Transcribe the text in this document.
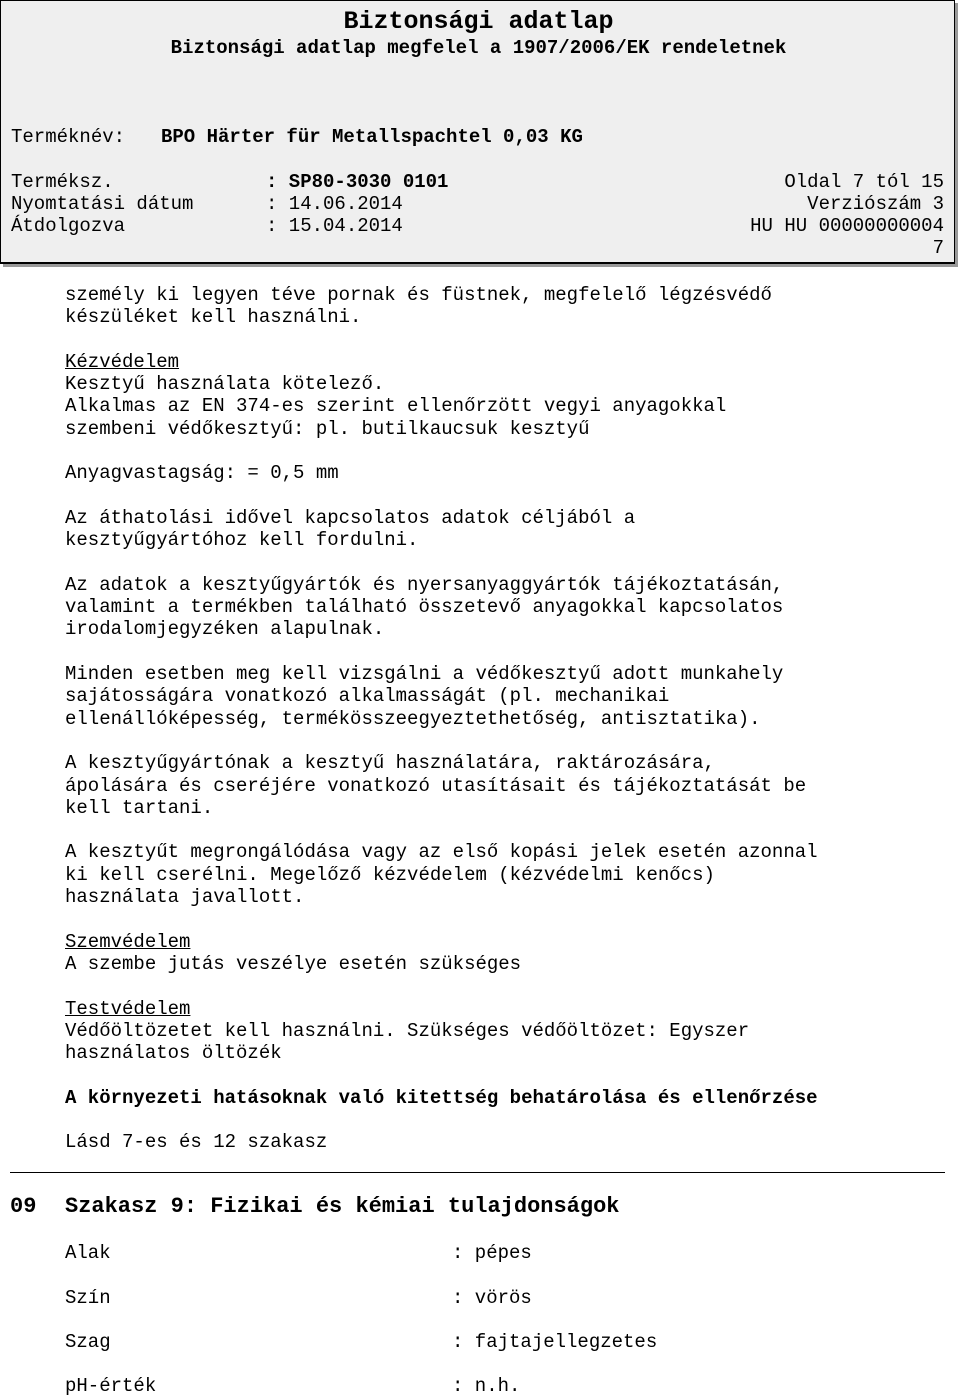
Biztonsági adatlap
Biztonsági adatlap megfelel a 1907/2006/EK rendeletnek
Terméknév: BPO Härter für Metallspachtel 0,03 KG
Terméksz.	: SP80-3030 0101	Oldal 7 tól 15
Nyomtatási dátum	: 14.06.2014	Verziószám 3
Átdolgozva	: 15.04.2014	HU HU 00000000004
7

személy ki legyen téve pornak és füstnek, megfelelő légzésvédő
készüléket kell használni.

Kézvédelem

Kesztyű használata kötelező.
Alkalmas az EN 374-es szerint ellenőrzött vegyi anyagokkal
szembeni védőkesztyű: pl. butilkaucsuk kesztyű

Anyagvastagság: = 0,5 mm

Az áthatolási idővel kapcsolatos adatok céljából a
kesztyűgyártóhoz kell fordulni.

Az adatok a kesztyűgyártók és nyersanyaggyártók tájékoztatásán,
valamint a termékben található összetevő anyagokkal kapcsolatos
irodalomjegyzéken alapulnak.

Minden esetben meg kell vizsgálni a védőkesztyű adott munkahely
sajátosságára vonatkozó alkalmasságát (pl. mechanikai
ellenállóképesség, termékösszeegyeztethetőség, antisztatika).

A kesztyűgyártónak a kesztyű használatára, raktározására,
ápolására és cseréjére vonatkozó utasításait és tájékoztatását be
kell tartani.

A kesztyűt megrongálódása vagy az első kopási jelek esetén azonnal
ki kell cserélni. Megelőző kézvédelem (kézvédelmi kenőcs)
használata javallott.

Szemvédelem

A szembe jutás veszélye esetén szükséges

Testvédelem

Védőöltözetet kell használni. Szükséges védőöltözet: Egyszer
használatos öltözék

A környezeti hatásoknak való kitettség behatárolása és ellenőrzése

Lásd 7-es és 12 szakasz

09 Szakasz 9: Fizikai és kémiai tulajdonságok
Alak	: pépes
Szín	: vörös
Szag	: fajtajellegzetes
pH-érték	: n.h.
